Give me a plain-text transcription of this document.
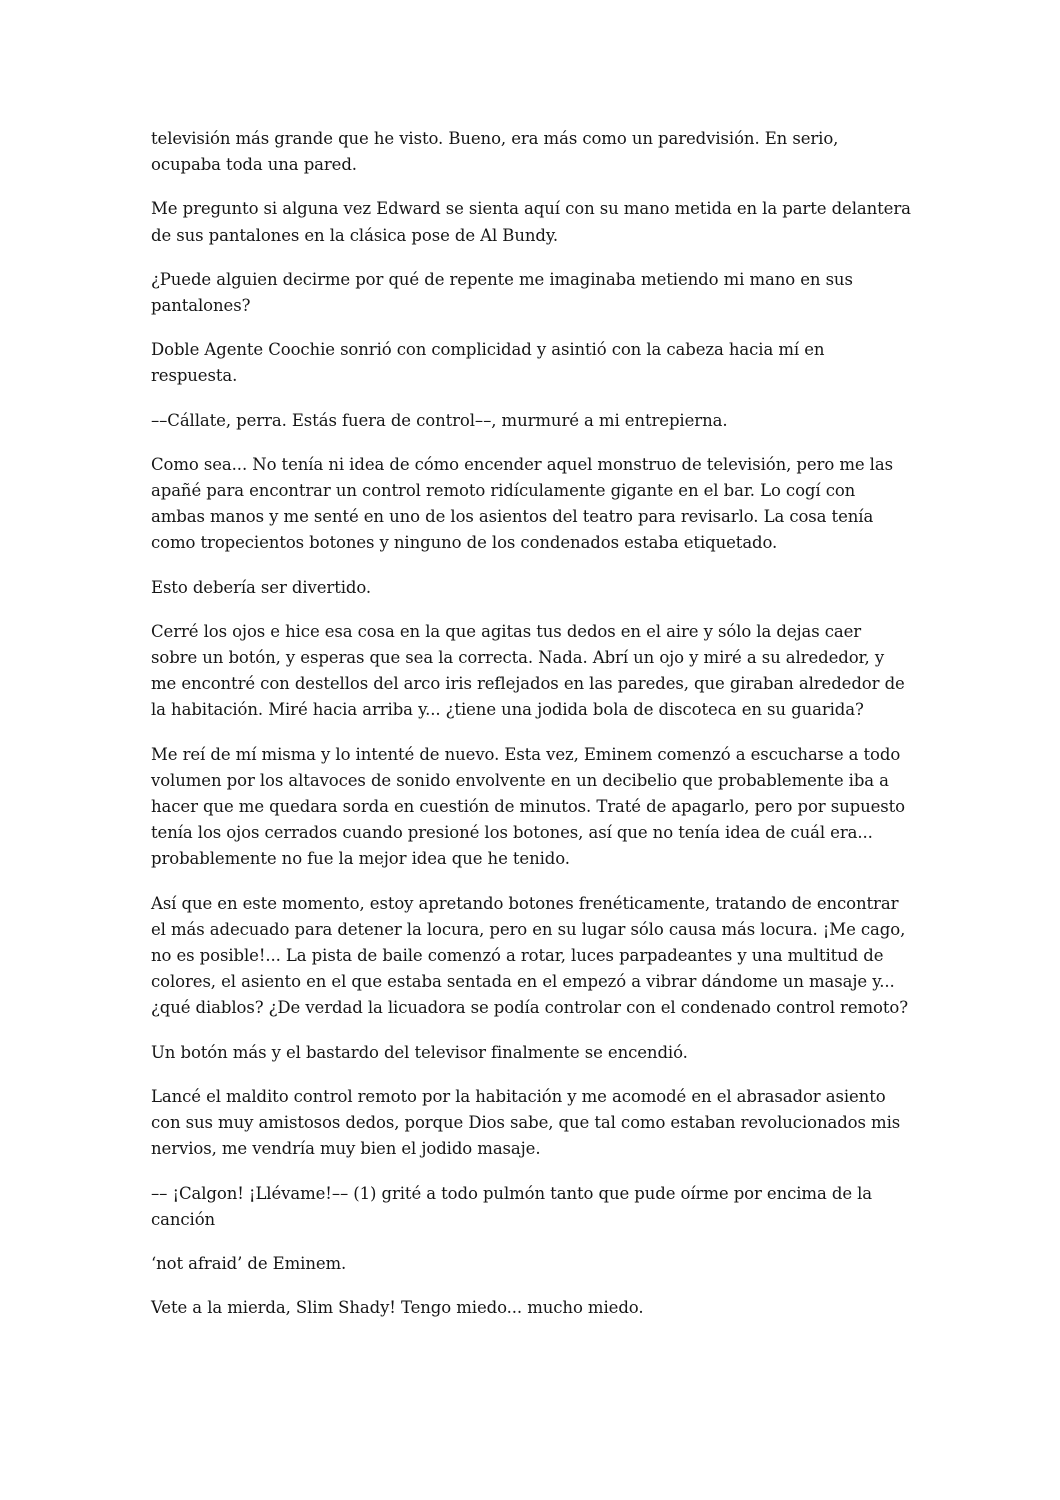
televisión más grande que he visto. Bueno, era más como un paredvisión. En serio, ocupaba toda una pared.

Me pregunto si alguna vez Edward se sienta aquí con su mano metida en la parte delantera de sus pantalones en la clásica pose de Al Bundy.

¿Puede alguien decirme por qué de repente me imaginaba metiendo mi mano en sus pantalones?

Doble Agente Coochie sonrió con complicidad y asintió con la cabeza hacia mí en respuesta.

––Cállate, perra. Estás fuera de control––, murmuré a mi entrepierna.

Como sea... No tenía ni idea de cómo encender aquel monstruo de televisión, pero me las apañé para encontrar un control remoto ridículamente gigante en el bar. Lo cogí con ambas manos y me senté en uno de los asientos del teatro para revisarlo. La cosa tenía como tropecientos botones y ninguno de los condenados estaba etiquetado.

Esto debería ser divertido.

Cerré los ojos e hice esa cosa en la que agitas tus dedos en el aire y sólo la dejas caer sobre un botón, y esperas que sea la correcta. Nada. Abrí un ojo y miré a su alrededor, y me encontré con destellos del arco iris reflejados en las paredes, que giraban alrededor de la habitación. Miré hacia arriba y... ¿tiene una jodida bola de discoteca en su guarida?

Me reí de mí misma y lo intenté de nuevo. Esta vez, Eminem comenzó a escucharse a todo volumen por los altavoces de sonido envolvente en un decibelio que probablemente iba a hacer que me quedara sorda en cuestión de minutos. Traté de apagarlo, pero por supuesto tenía los ojos cerrados cuando presioné los botones, así que no tenía idea de cuál era... probablemente no fue la mejor idea que he tenido.

Así que en este momento, estoy apretando botones frenéticamente, tratando de encontrar el más adecuado para detener la locura, pero en su lugar sólo causa más locura. ¡Me cago, no es posible!... La pista de baile comenzó a rotar, luces parpadeantes y una multitud de colores, el asiento en el que estaba sentada en el empezó a vibrar dándome un masaje y... ¿qué diablos? ¿De verdad la licuadora se podía controlar con el condenado control remoto?

Un botón más y el bastardo del televisor finalmente se encendió.

Lancé el maldito control remoto por la habitación y me acomodé en el abrasador asiento con sus muy amistosos dedos, porque Dios sabe, que tal como estaban revolucionados mis nervios, me vendría muy bien el jodido masaje.

–– ¡Calgon! ¡Llévame!–– (1) grité a todo pulmón tanto que pude oírme por encima de la canción

‘not afraid’ de Eminem.

Vete a la mierda, Slim Shady! Tengo miedo... mucho miedo.
